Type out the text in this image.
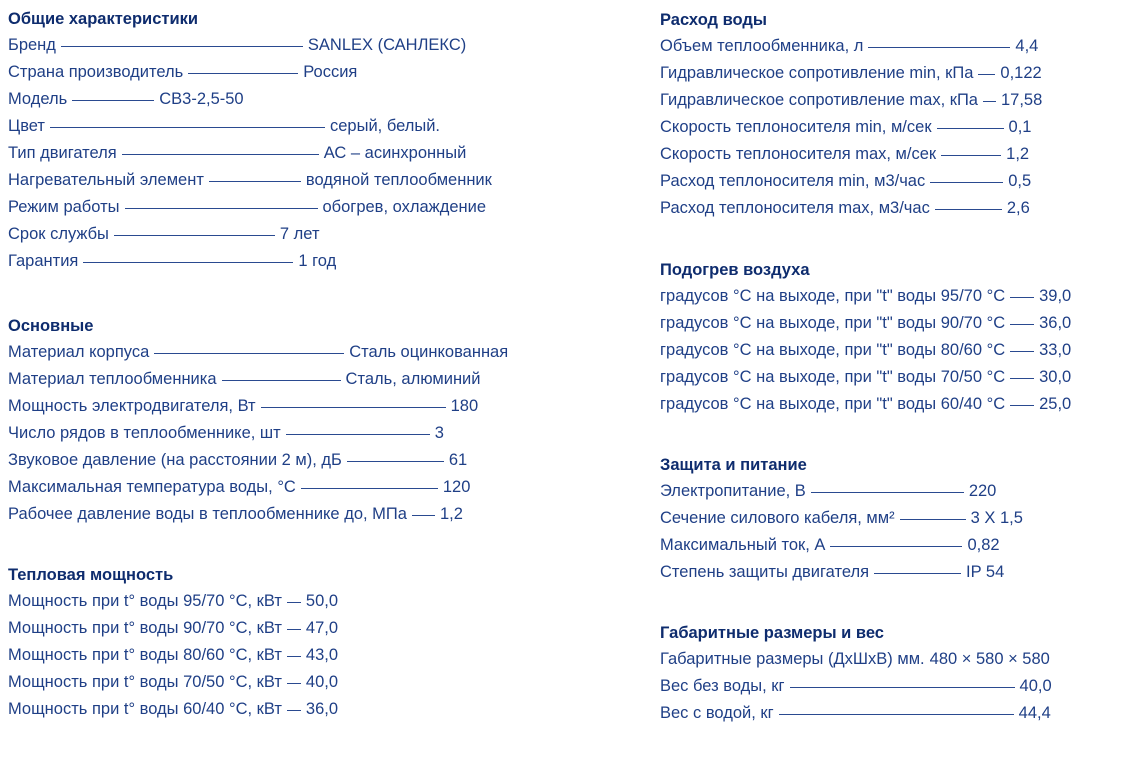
Общие характеристики
Бренд	SANLEX (САНЛЕКС)
Страна производитель	Россия
Модель	СВ3-2,5-50
Цвет	серый, белый.
Тип двигателя	АС – асинхронный
Нагревательный элемент	водяной теплообменник
Режим работы	обогрев, охлаждение
Срок службы	7 лет
Гарантия	1 год
Основные
Материал корпуса	Сталь оцинкованная
Материал теплообменника	Сталь, алюминий
Мощность электродвигателя, Вт	180
Число рядов в теплообменнике, шт	3
Звуковое давление (на расстоянии 2 м), дБ	61
Максимальная температура воды, °С	120
Рабочее давление воды в теплообменнике до, МПа 1,2
Тепловая мощность
Мощность при t° воды 95/70 °С, кВт 50,0
Мощность при t° воды 90/70 °С, кВт 47,0
Мощность при t° воды 80/60 °С, кВт 43,0
Мощность при t° воды 70/50 °С, кВт 40,0
Мощность при t° воды 60/40 °С, кВт 36,0
Расход воды
Объем теплообменника, л	4,4
Гидравлическое сопротивление min, кПа 0,122
Гидравлическое сопротивление max, кПа 17,58
Скорость теплоносителя min, м/сек	0,1
Скорость теплоносителя max, м/сек	1,2
Расход теплоносителя min, м3/час	0,5
Расход теплоносителя max, м3/час	2,6
Подогрев воздуха
градусов °С на выходе, при "t" воды 95/70 °С 39,0
градусов °С на выходе, при "t" воды 90/70 °С 36,0
градусов °С на выходе, при "t" воды 80/60 °С 33,0
градусов °С на выходе, при "t" воды 70/50 °С 30,0
градусов °С на выходе, при "t" воды 60/40 °С 25,0
Защита и питание
Электропитание, В	220
Сечение силового кабеля, мм²	3 Х 1,5
Максимальный ток, А	0,82
Степень защиты двигателя	IP 54
Габаритные размеры и вес
Габаритные размеры (ДхШхВ) мм. 480 × 580 × 580
Вес без воды, кг	40,0
Вес с водой, кг	44,4
